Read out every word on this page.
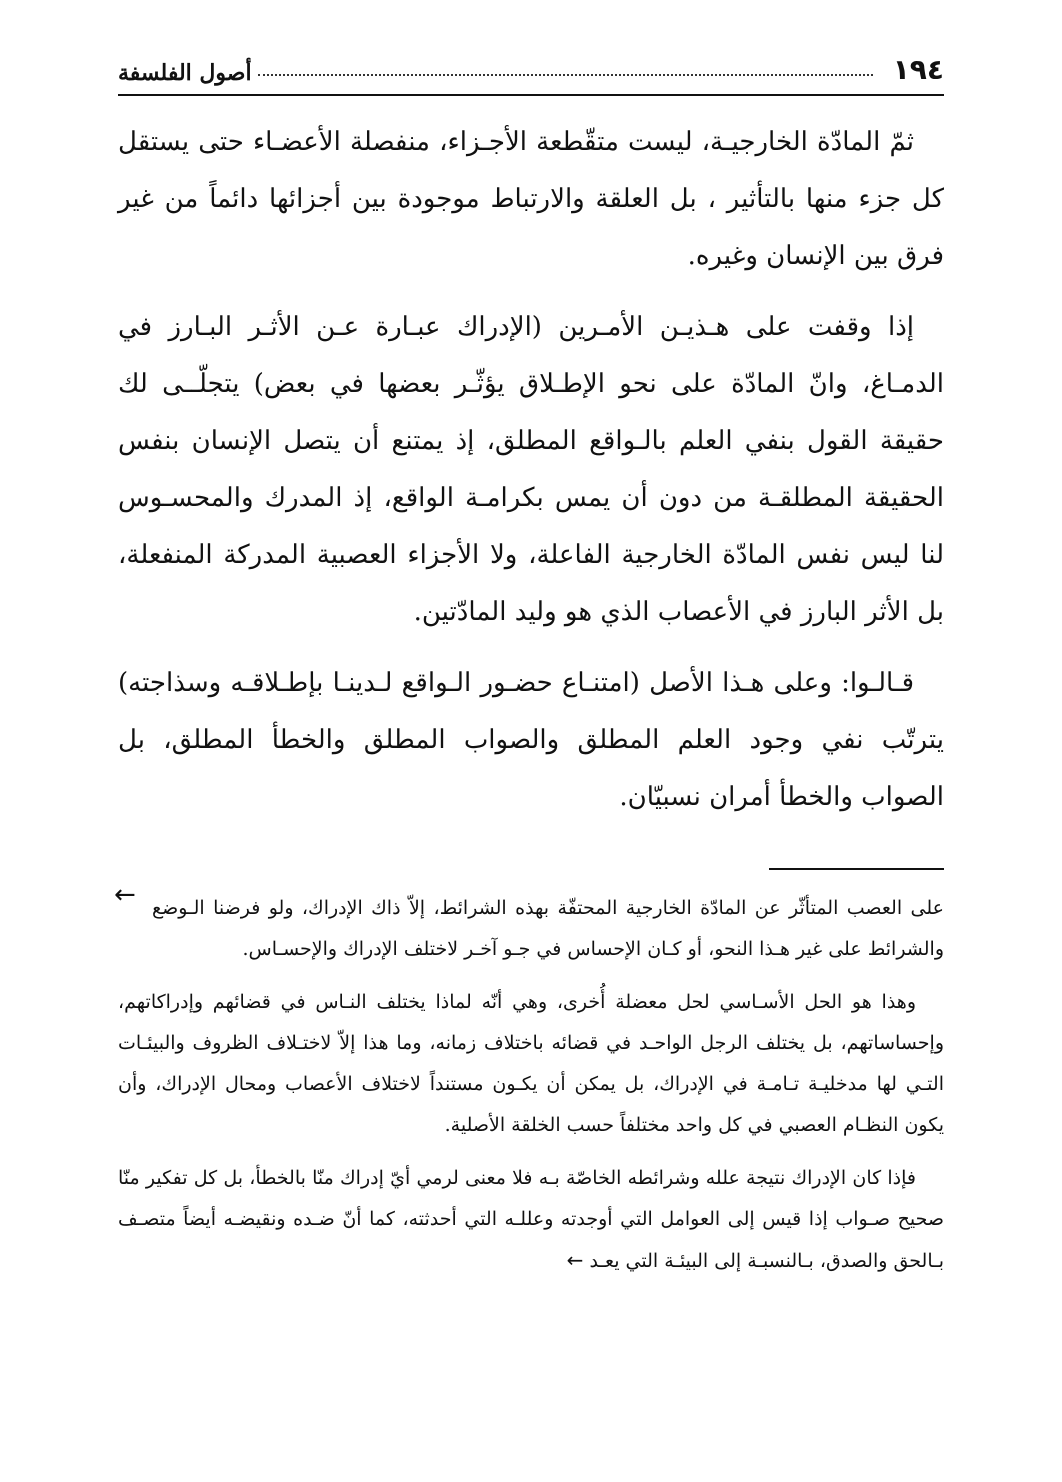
١٩٤
أصول الفلسفة

ثمّ المادّة الخارجيـة، ليست متقّطعة الأجـزاء، منفصلة الأعضـاء حتى يستقل كل جزء منها بالتأثير ، بل العلقة والارتباط موجودة بين أجزائها دائماً من غير فرق بين الإنسان وغيره.

إذا وقفت على هـذيـن الأمـرين (الإدراك عبـارة عـن الأثـر البـارز في الدمـاغ، وانّ المادّة على نحو الإطـلاق يؤثّـر بعضها في بعض) يتجلّــى لك حقيقة القول بنفي العلم بالـواقع المطلق، إذ يمتنع أن يتصل الإنسان بنفس الحقيقة المطلقـة من دون أن يمس بكرامـة الواقع، إذ المدرك والمحسـوس لنا ليس نفس المادّة الخارجية الفاعلة، ولا الأجزاء العصبية المدركة المنفعلة، بل الأثر البارز في الأعصاب الذي هو وليد المادّتين.

قـالـوا: وعلى هـذا الأصل (امتنـاع حضـور الـواقع لـدينـا بإطـلاقـه وسذاجته) يترتّب نفي وجود العلم المطلق والصواب المطلق والخطأ المطلق، بل الصواب والخطأ أمران نسبيّان.

← على العصب المتأثّر عن المادّة الخارجية المحتفّة بهذه الشرائط، إلاّ ذاك الإدراك، ولو فرضنا الـوضع والشرائط على غير هـذا النحو، أو كـان الإحساس في جـو آخـر لاختلف الإدراك والإحسـاس.

وهذا هو الحل الأسـاسي لحل معضلة أُخرى، وهي أنّه لماذا يختلف النـاس في قضائهم وإدراكاتهم، وإحساساتهم، بل يختلف الرجل الواحـد في قضائه باختلاف زمانه، وما هذا إلاّ لاختـلاف الظروف والبيئـات التـي لها مدخليـة تـامـة في الإدراك، بل يمكن أن يكـون مستنداً لاختلاف الأعصاب ومحال الإدراك، وأن يكون النظـام العصبي في كل واحد مختلفاً حسب الخلقة الأصلية.

فإذا كان الإدراك نتيجة علله وشرائطه الخاصّة بـه فلا معنى لرمي أيّ إدراك منّا بالخطأ، بل كل تفكير منّا صحيح صـواب إذا قيس إلى العوامل التي أوجدته وعللـه التي أحدثته، كما أنّ ضـده ونقيضـه أيضاً متصـف بـالحق والصدق، بـالنسبـة إلى البيئـة التي يعـد ←
